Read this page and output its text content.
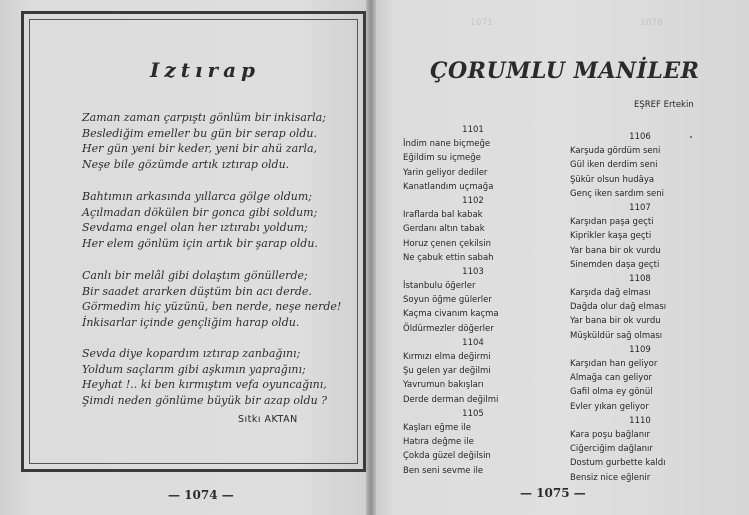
Iztırap
Zaman zaman çarpıştı gönlüm bir inkisarla;
Beslediğim emeller bu gün bir serap oldu.
Her gün yeni bir keder, yeni bir ahü zarla,
Neşe bile gözümde artık ıztırap oldu.
Bahtımın arkasında yıllarca gölge oldum;
Açılmadan dökülen bir gonca gibi soldum;
Sevdama engel olan her ıztırabı yoldum;
Her elem gönlüm için artık bir şarap oldu.
Canlı bir melâl gibi dolaştım gönüllerde;
Bir saadet ararken düştüm bin acı derde.
Görmedim hiç yüzünü, ben nerde, neşe nerde!
İnkisarlar içinde gençliğim harap oldu.
Sevda diye kopardım ıztırap zanbağını;
Yoldum saçlarım gibi aşkımın yaprağını;
Heyhat !.. ki ben kırmıştım vefa oyuncağını,
Şimdi neden gönlüme büyük bir azap oldu ?
Sıtkı AKTAN
— 1074 —
1071	1078
ÇORUMLU MANİLER
EŞREF Ertekin
1101
İndim nane biçmeğe
Eğildim su içmeğe
Yarin geliyor dediler
Kanatlandım uçmağa
1102
Iraflarda bal kabak
Gerdanı altın tabak
Horuz çenen çekilsin
Ne çabuk ettin sabah
1103
İstanbulu öğerler
Soyun öğme gülerler
Kaçma civanım kaçma
Öldürmezler döğerler
1104
Kırmızı elma değirmi
Şu gelen yar değilmi
Yavrumun bakışları
Derde derman değilmi
1105
Kaşları eğme ile
Hatıra değme ile
Çokda güzel değilsin
Ben seni sevme ile
1106
Karşuda gördüm seni
Gül iken derdim seni
Şükür olsun hudâya
Genç iken sardım seni
1107
Karşıdan paşa geçti
Kiprikler kaşa geçti
Yar bana bir ok vurdu
Sinemden daşa geçti
1108
Karşıda dağ elması
Dağda olur dağ elması
Yar bana bir ok vurdu
Müşküldür sağ olması
1109
Karşıdan han geliyor
Almağa can geliyor
Gafil olma ey gönül
Evler yıkan geliyor
1110
Kara poşu bağlanır
Ciğerciğim dağlanır
Dostum gurbette kaldı
Bensiz nice eğlenir
— 1075 —
